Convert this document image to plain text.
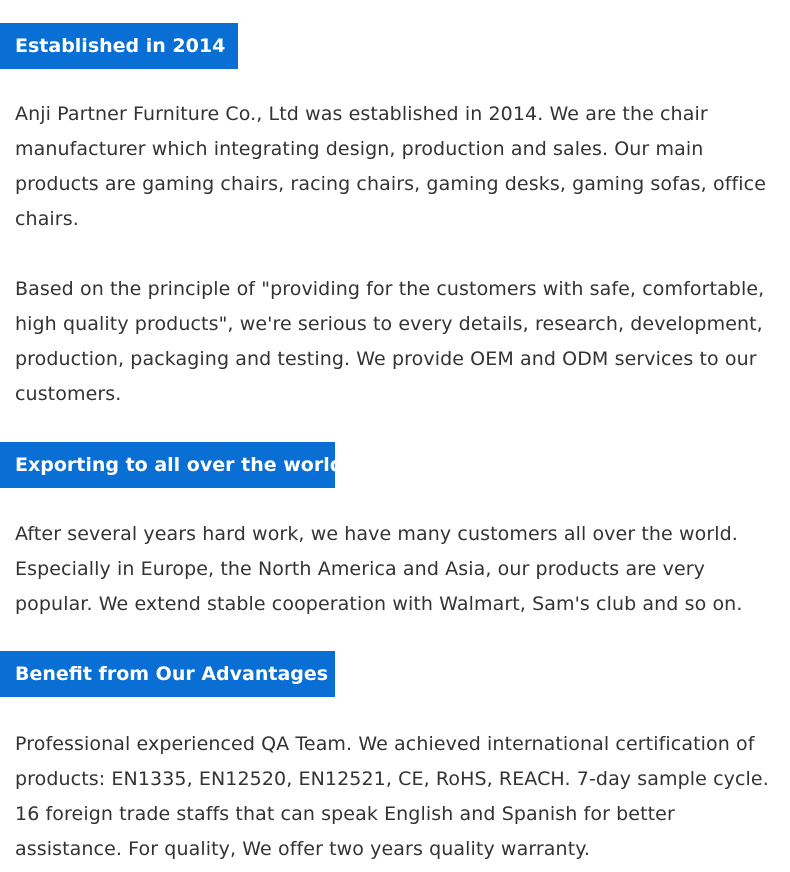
Established in 2014

Anji Partner Furniture Co., Ltd was established in 2014. We are the chair manufacturer which integrating design, production and sales. Our main products are gaming chairs, racing chairs, gaming desks, gaming sofas, office chairs.

Based on the principle of "providing for the customers with safe, comfortable, high quality products", we're serious to every details, research, development, production, packaging and testing. We provide OEM and ODM services to our customers.

Exporting to all over the world

After several years hard work, we have many customers all over the world. Especially in Europe, the North America and Asia, our products are very popular. We extend stable cooperation with Walmart, Sam's club and so on.

Benefit from Our Advantages

Professional experienced QA Team. We achieved international certification of products: EN1335, EN12520, EN12521, CE, RoHS, REACH. 7-day sample cycle. 16 foreign trade staffs that can speak English and Spanish for better assistance. For quality, We offer two years quality warranty.
